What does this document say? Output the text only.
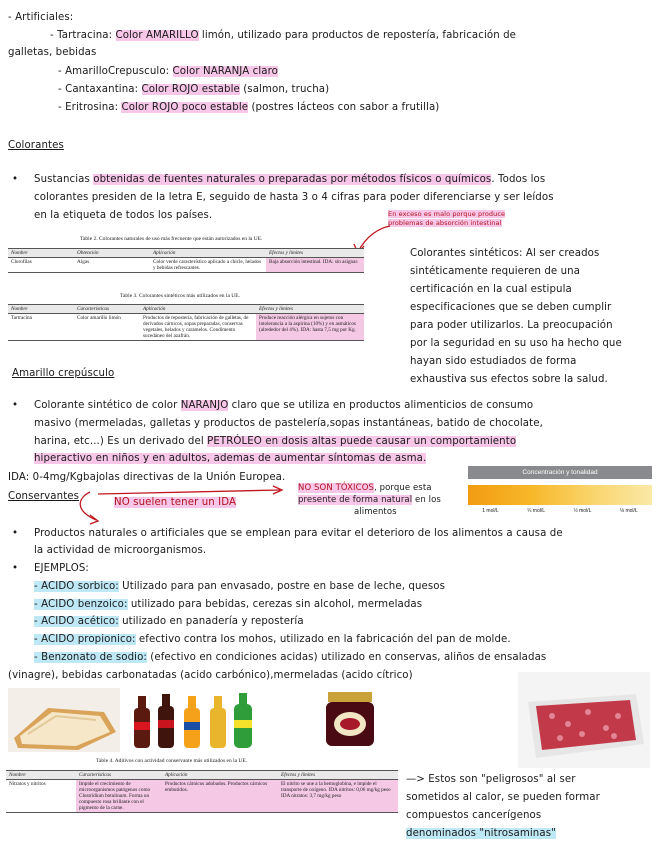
- Artificiales:
- Tartracina: Color AMARILLO limón, utilizado para productos de repostería, fabricación de
galletas, bebidas
- AmarilloCrepusculo: Color NARANJA claro
- Cantaxantina: Color ROJO estable (salmon, trucha)
- Eritrosina: Color ROJO poco estable (postres lácteos con sabor a frutilla)
Colorantes
• Sustancias obtenidas de fuentes naturales o preparadas por métodos físicos o químicos. Todos los
colorantes presiden de la letra E, seguido de hasta 3 o 4 cifras para poder diferenciarse y ser leídos
en la etiqueta de todos los países.	En exceso es malo porque produce
problemas de absorción intestinal
Table 2. Colorantes naturales de uso más frecuente que están autorizados en la UE.
Nombre	Obtención	Aplicación	Efectos y límites
Clorofilas	Algas	Color verde característico aplicado a chicle, helados y bebidas refrescantes.	Baja absorción intestinal. IDA: sin asignar.
Table 3. Colorantes sintéticos más utilizados en la UE.
Nombre	Características	Aplicación	Efectos y límites
Tartracina	Color amarillo limón	Productos de repostería, fabricación de galletas, de derivados cárnicos, sopas preparadas, conservas vegetales, helados y caramelos. Condimento sucedáneo del azafrán.	Produce reacción alérgica en sujetos con intolerancia a la aspirina (10%) y en asmáticos (alrededor del 4%). IDA: hasta 7,5 mg por Kg.
Colorantes sintéticos: Al ser creados
sintéticamente requieren de una
certificación en la cual estipula
especificaciones que se deben cumplir
para poder utilizarlos. La preocupación
por la seguridad en su uso ha hecho que
hayan sido estudiados de forma
exhaustiva sus efectos sobre la salud.
Amarillo crepúsculo
• Colorante sintético de color NARANJO claro que se utiliza en productos alimenticios de consumo
masivo (mermeladas, galletas y productos de pastelería,sopas instantáneas, batido de chocolate,
harina, etc...) Es un derivado del PETRÓLEO en dosis altas puede causar un comportamiento
hiperactivo en niños y en adultos, ademas de aumentar síntomas de asma.
IDA: 0-4mg/Kgbajolas directivas de la Unión Europea.	Concentración y tonalidad
1 mol/L	¼ mol/L	½ mol/L	⅛ mol/L
Conservantes
NO suelen tener un IDA
NO SON TÓXICOS, porque esta
presente de forma natural en los
alimentos
• Productos naturales o artificiales que se emplean para evitar el deterioro de los alimentos a causa de
la actividad de microorganismos.
• EJEMPLOS:
- ACIDO sorbico: Utilizado para pan envasado, postre en base de leche, quesos
- ACIDO benzoico: utilizado para bebidas, cerezas sin alcohol, mermeladas
- ACIDO acético: utilizado en panadería y repostería
- ACIDO propionico: efectivo contra los mohos, utilizado en la fabricación del pan de molde.
- Benzonato de sodio: (efectivo en condiciones acidas) utilizado en conservas, aliños de ensaladas
(vinagre), bebidas carbonatadas (acido carbónico),mermeladas (acido cítrico)
Table 4. Aditivos con actividad conservante más utilizados en la UE.
Nombre	Características	Aplicación	Efectos y límites
Nitratos y nitritos	Impide el crecimiento de microorganismos patógenos como Clostridium botulinum. Forma un compuesto rosa brillante con el pigmento de la carne.	Productos cárnicos adobados. Productos cárnicos embutidos.	El nitrito se une a la hemoglobina, e impide el transporte de oxígeno. IDA nitritos: 0,06 mg/kg peso IDA nitratos: 3,7 mg/kg peso
—> Estos son "peligrosos" al ser
sometidos al calor, se pueden formar
compuestos cancerígenos
denominados "nitrosaminas"
